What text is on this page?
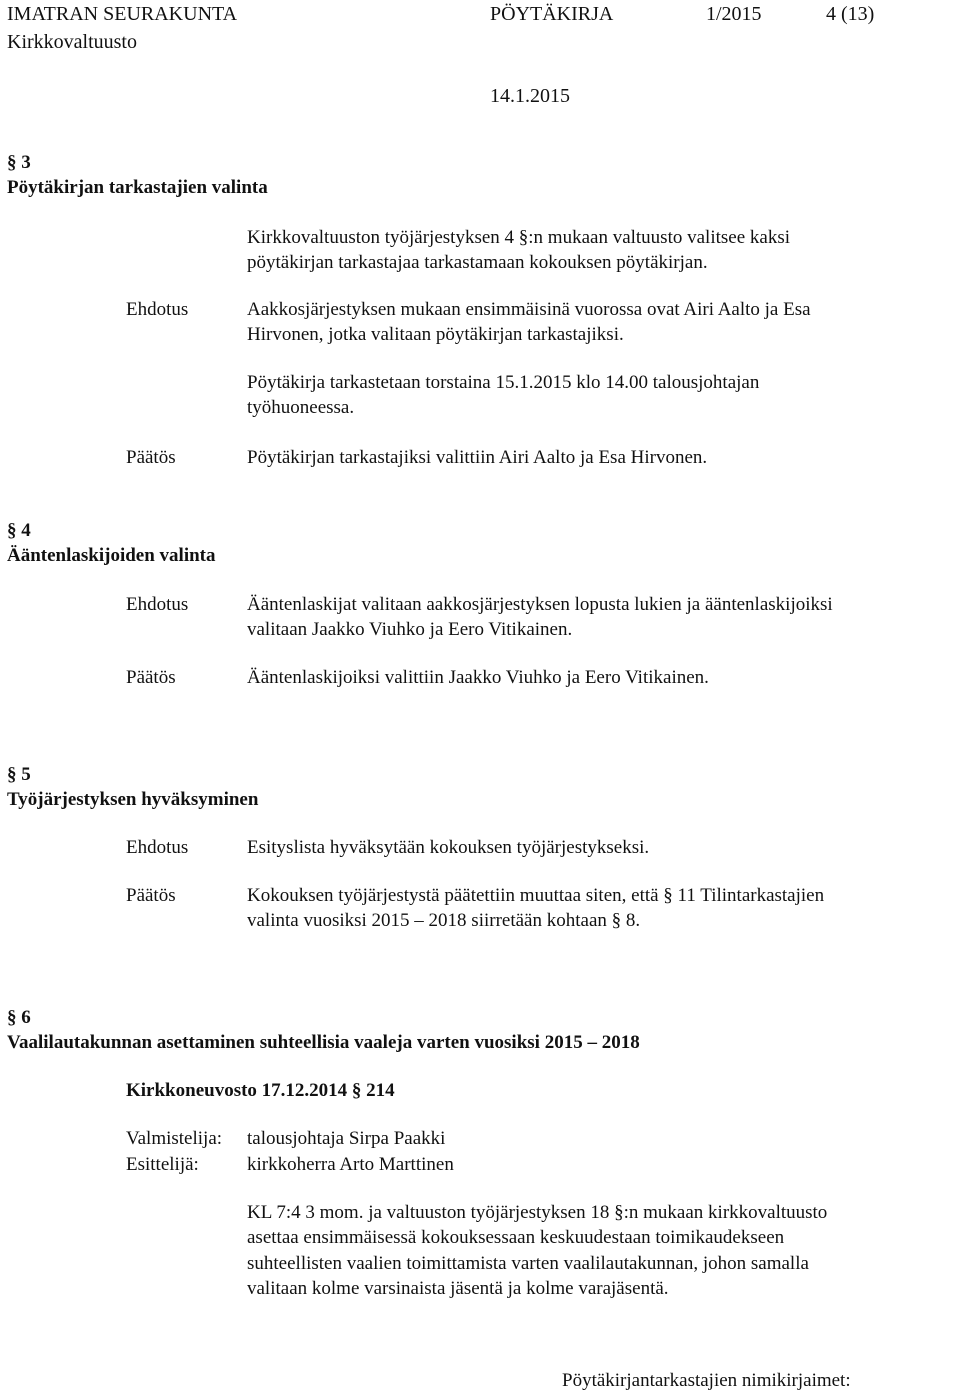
IMATRAN SEURAKUNTA	PÖYTÄKIRJA	1/2015	4 (13)
Kirkkovaltuusto
14.1.2015
§ 3
Pöytäkirjan tarkastajien valinta
Kirkkovaltuuston työjärjestyksen 4 §:n mukaan valtuusto valitsee kaksi
pöytäkirjan tarkastajaa tarkastamaan kokouksen pöytäkirjan.
Ehdotus	Aakkosjärjestyksen mukaan ensimmäisinä vuorossa ovat Airi Aalto ja Esa
Hirvonen, jotka valitaan pöytäkirjan tarkastajiksi.
Pöytäkirja tarkastetaan torstaina 15.1.2015 klo 14.00 talousjohtajan
työhuoneessa.
Päätös	Pöytäkirjan tarkastajiksi valittiin Airi Aalto ja Esa Hirvonen.
§ 4
Ääntenlaskijoiden valinta
Ehdotus	Ääntenlaskijat valitaan aakkosjärjestyksen lopusta lukien ja ääntenlaskijoiksi
valitaan Jaakko Viuhko ja Eero Vitikainen.
Päätös	Ääntenlaskijoiksi valittiin Jaakko Viuhko ja Eero Vitikainen.
§ 5
Työjärjestyksen hyväksyminen
Ehdotus	Esityslista hyväksytään kokouksen työjärjestykseksi.
Päätös	Kokouksen työjärjestystä päätettiin muuttaa siten, että § 11 Tilintarkastajien
valinta vuosiksi 2015 – 2018 siirretään kohtaan § 8.
§ 6
Vaalilautakunnan asettaminen suhteellisia vaaleja varten vuosiksi 2015 – 2018
Kirkkoneuvosto 17.12.2014 § 214
Valmistelija: talousjohtaja Sirpa Paakki
Esittelijä:	kirkkoherra Arto Marttinen
KL 7:4 3 mom. ja valtuuston työjärjestyksen 18 §:n mukaan kirkkovaltuusto
asettaa ensimmäisessä kokouksessaan keskuudestaan toimikaudekseen
suhteellisten vaalien toimittamista varten vaalilautakunnan, johon samalla
valitaan kolme varsinaista jäsentä ja kolme varajäsentä.
Pöytäkirjantarkastajien nimikirjaimet:
